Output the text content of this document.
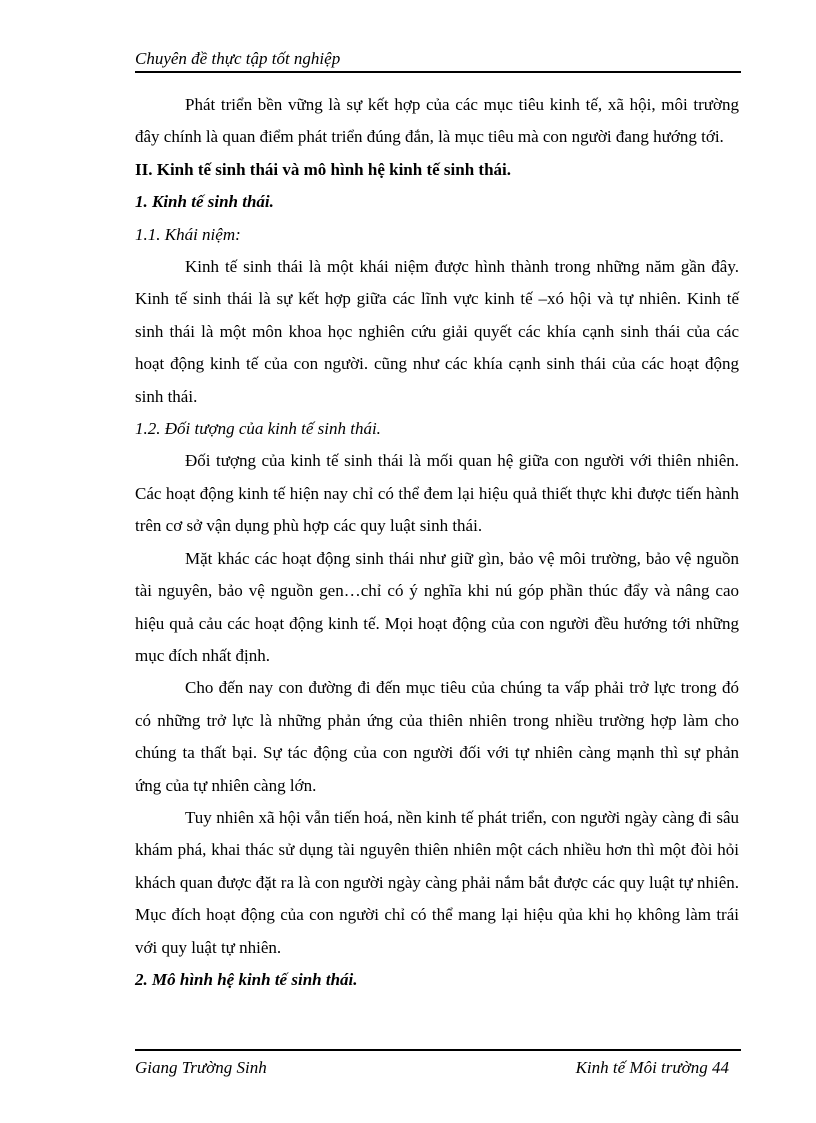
Chuyên đề thực tập tốt nghiệp

Phát triển bền vững là sự kết hợp của các mục tiêu kinh tế, xã hội, môi trường đây chính là quan điểm phát triển đúng đắn, là mục tiêu mà con người đang hướng tới.

II. Kinh tế sinh thái và mô hình hệ kinh tế sinh thái.

1. Kinh tế sinh thái.

1.1. Khái niệm:

Kinh tế sinh thái là một khái niệm được hình thành trong những năm gần đây. Kinh tế sinh thái là sự kết hợp giữa các lĩnh vực kinh tế –xó hội và tự nhiên. Kinh tế sinh thái là một môn khoa học nghiên cứu giải quyết các khía cạnh sinh thái của các hoạt động kinh tế của con người. cũng như các khía cạnh sinh thái của các hoạt động sinh thái.

1.2. Đối tượng của kinh tế sinh thái.

Đối tượng của kinh tế sinh thái là mối quan hệ giữa con người với thiên nhiên. Các hoạt động kinh tế hiện nay chỉ có thể đem lại hiệu quả thiết thực khi được tiến hành trên cơ sở vận dụng phù hợp các quy luật sinh thái.

Mặt khác các hoạt động sinh thái như giữ gìn, bảo vệ môi trường, bảo vệ nguồn tài nguyên, bảo vệ nguồn gen…chỉ có ý nghĩa khi nú góp phần thúc đẩy và nâng cao hiệu quả cảu các hoạt động kinh tế. Mọi hoạt động của con người đều hướng tới những mục đích nhất định.

Cho đến nay con đường đi đến mục tiêu của chúng ta vấp phải trở lực trong đó có những trở lực là những phản ứng của thiên nhiên trong nhiều trường hợp làm cho chúng ta thất bại. Sự tác động của con người đối với tự nhiên càng mạnh thì sự phản ứng của tự nhiên càng lớn.

Tuy nhiên xã hội vẫn tiến hoá, nền kinh tế phát triển, con người ngày càng đi sâu khám phá, khai thác sử dụng tài nguyên thiên nhiên một cách nhiều hơn thì một đòi hỏi khách quan được đặt ra là con người ngày càng phải nắm bắt được các quy luật tự nhiên. Mục đích hoạt động của con người chỉ có thể mang lại hiệu qủa khi họ không làm trái với quy luật tự nhiên.

2. Mô hình hệ kinh tế sinh thái.

Giang Trường Sinh	Kinh tế Môi trường 44
